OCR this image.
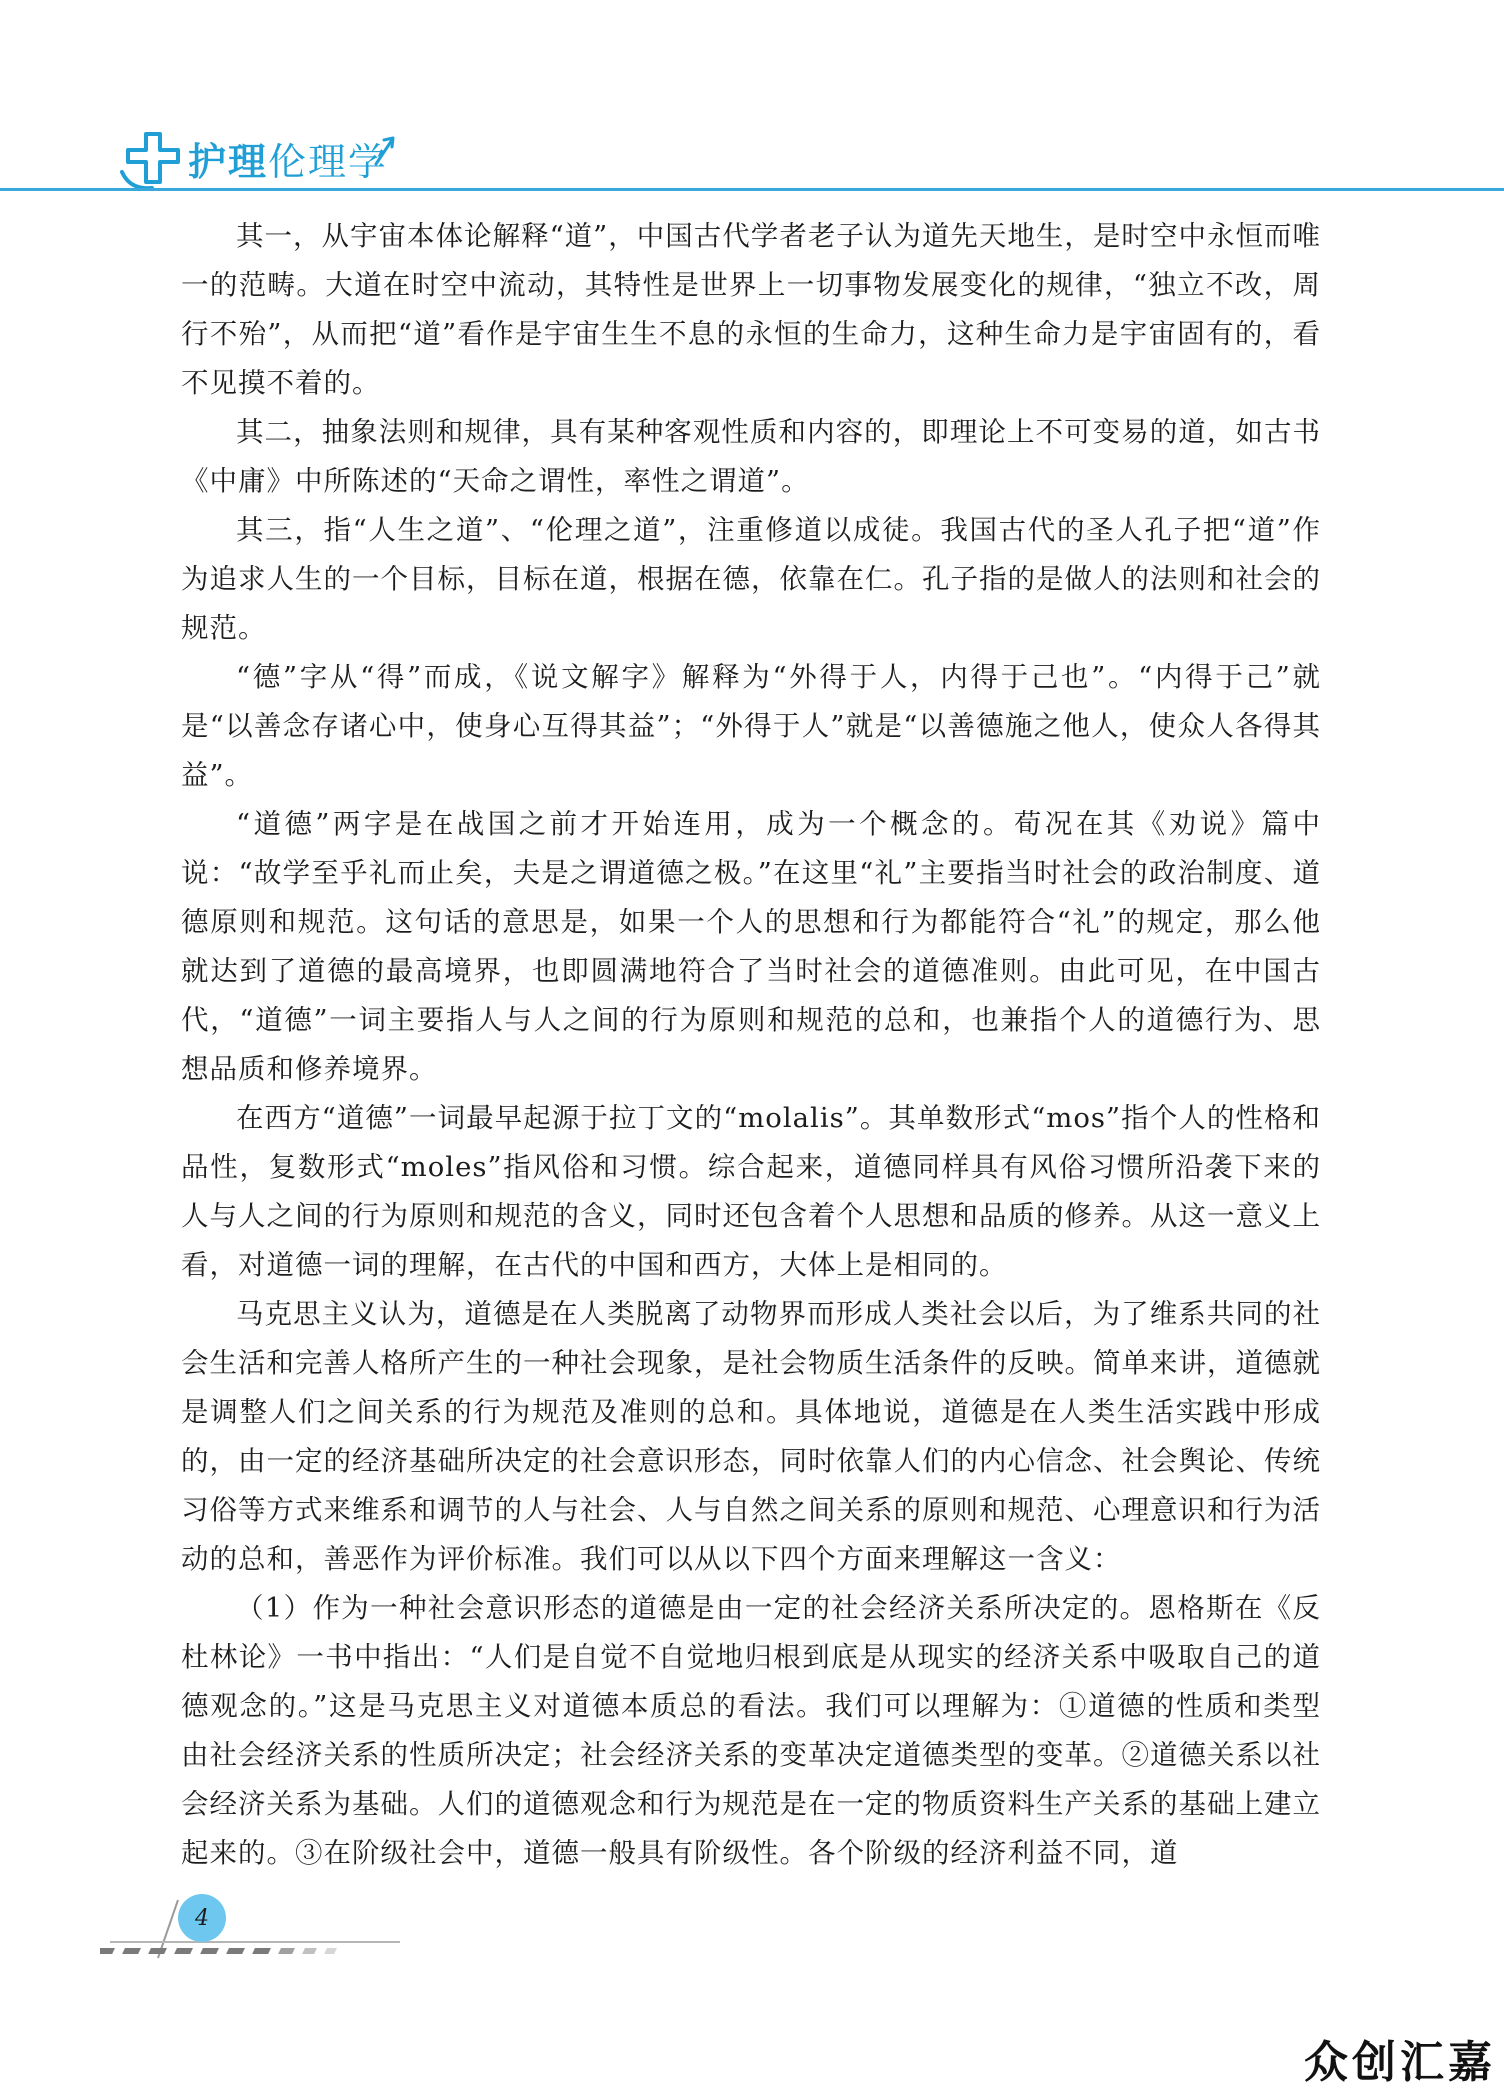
护理伦理学

其一，从宇宙本体论解释“道”，中国古代学者老子认为道先天地生，是时空中永恒而唯一的范畴。大道在时空中流动，其特性是世界上一切事物发展变化的规律，“独立不改，周行不殆”，从而把“道”看作是宇宙生生不息的永恒的生命力，这种生命力是宇宙固有的，看不见摸不着的。

其二，抽象法则和规律，具有某种客观性质和内容的，即理论上不可变易的道，如古书《中庸》中所陈述的“天命之谓性，率性之谓道”。

其三，指“人生之道”、“伦理之道”，注重修道以成徒。我国古代的圣人孔子把“道”作为追求人生的一个目标，目标在道，根据在德，依靠在仁。孔子指的是做人的法则和社会的规范。

“德”字从“得”而成，《说文解字》解释为“外得于人，内得于己也”。“内得于己”就是“以善念存诸心中，使身心互得其益”；“外得于人”就是“以善德施之他人，使众人各得其益”。

“道德”两字是在战国之前才开始连用，成为一个概念的。荀况在其《劝说》篇中说：“故学至乎礼而止矣，夫是之谓道德之极。”在这里“礼”主要指当时社会的政治制度、道德原则和规范。这句话的意思是，如果一个人的思想和行为都能符合“礼”的规定，那么他就达到了道德的最高境界，也即圆满地符合了当时社会的道德准则。由此可见，在中国古代，“道德”一词主要指人与人之间的行为原则和规范的总和，也兼指个人的道德行为、思想品质和修养境界。

在西方“道德”一词最早起源于拉丁文的“molalis”。其单数形式“mos”指个人的性格和品性，复数形式“moles”指风俗和习惯。综合起来，道德同样具有风俗习惯所沿袭下来的人与人之间的行为原则和规范的含义，同时还包含着个人思想和品质的修养。从这一意义上看，对道德一词的理解，在古代的中国和西方，大体上是相同的。

马克思主义认为，道德是在人类脱离了动物界而形成人类社会以后，为了维系共同的社会生活和完善人格所产生的一种社会现象，是社会物质生活条件的反映。简单来讲，道德就是调整人们之间关系的行为规范及准则的总和。具体地说，道德是在人类生活实践中形成的，由一定的经济基础所决定的社会意识形态，同时依靠人们的内心信念、社会舆论、传统习俗等方式来维系和调节的人与社会、人与自然之间关系的原则和规范、心理意识和行为活动的总和，善恶作为评价标准。我们可以从以下四个方面来理解这一含义：

（1）作为一种社会意识形态的道德是由一定的社会经济关系所决定的。恩格斯在《反杜林论》一书中指出：“人们是自觉不自觉地归根到底是从现实的经济关系中吸取自己的道德观念的。”这是马克思主义对道德本质总的看法。我们可以理解为：①道德的性质和类型由社会经济关系的性质所决定；社会经济关系的变革决定道德类型的变革。②道德关系以社会经济关系为基础。人们的道德观念和行为规范是在一定的物质资料生产关系的基础上建立起来的。③在阶级社会中，道德一般具有阶级性。各个阶级的经济利益不同，道

4
众创汇嘉
